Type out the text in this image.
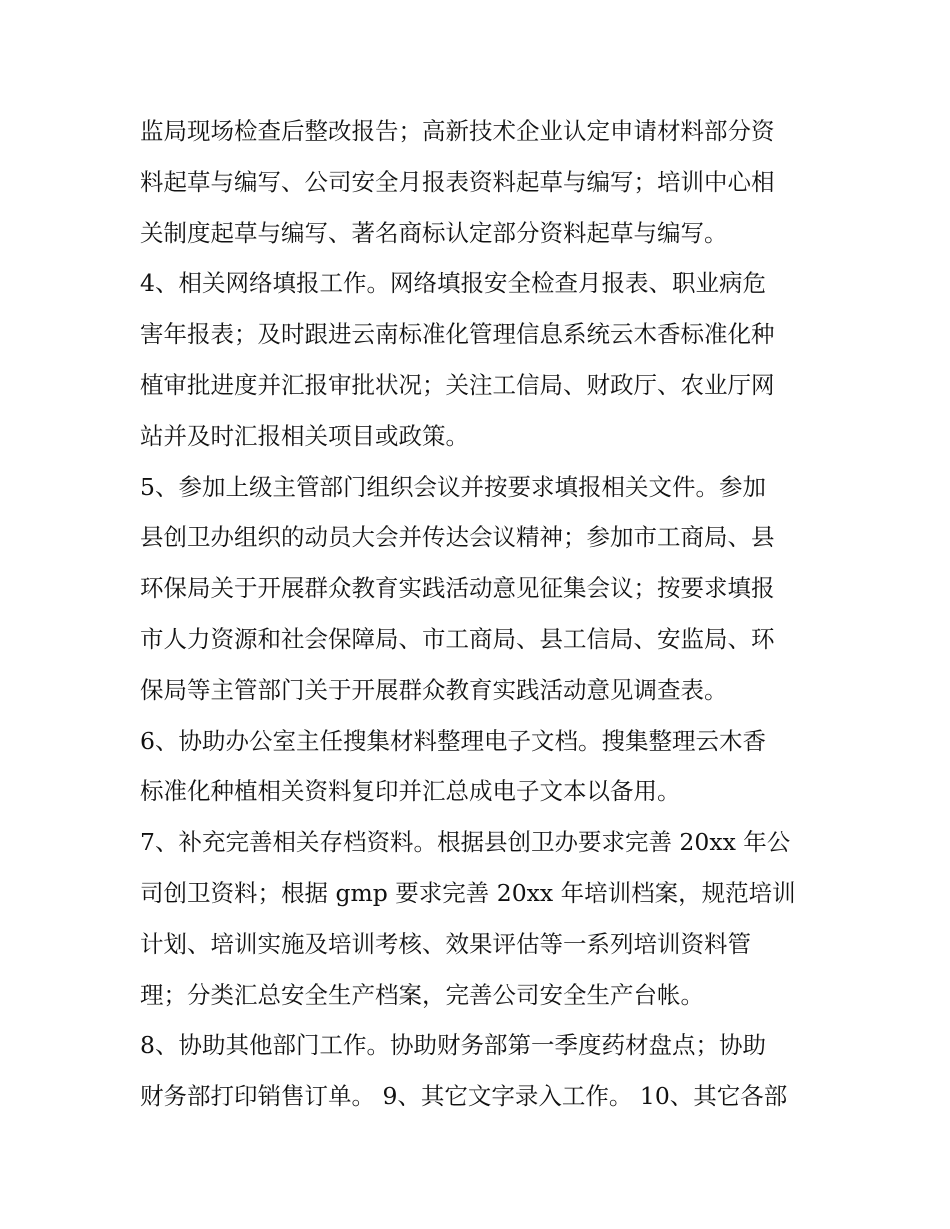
监局现场检查后整改报告；高新技术企业认定申请材料部分资
料起草与编写、公司安全月报表资料起草与编写；培训中心相
关制度起草与编写、著名商标认定部分资料起草与编写。
4、相关网络填报工作。网络填报安全检查月报表、职业病危
害年报表；及时跟进云南标准化管理信息系统云木香标准化种
植审批进度并汇报审批状况；关注工信局、财政厅、农业厅网
站并及时汇报相关项目或政策。
5、参加上级主管部门组织会议并按要求填报相关文件。参加
县创卫办组织的动员大会并传达会议精神；参加市工商局、县
环保局关于开展群众教育实践活动意见征集会议；按要求填报
市人力资源和社会保障局、市工商局、县工信局、安监局、环
保局等主管部门关于开展群众教育实践活动意见调查表。
6、协助办公室主任搜集材料整理电子文档。搜集整理云木香
标准化种植相关资料复印并汇总成电子文本以备用。
7、补充完善相关存档资料。根据县创卫办要求完善 20xx 年公
司创卫资料；根据 gmp 要求完善 20xx 年培训档案，规范培训
计划、培训实施及培训考核、效果评估等一系列培训资料管
理；分类汇总安全生产档案，完善公司安全生产台帐。
8、协助其他部门工作。协助财务部第一季度药材盘点；协助
财务部打印销售订单。 9、其它文字录入工作。 10、其它各部
